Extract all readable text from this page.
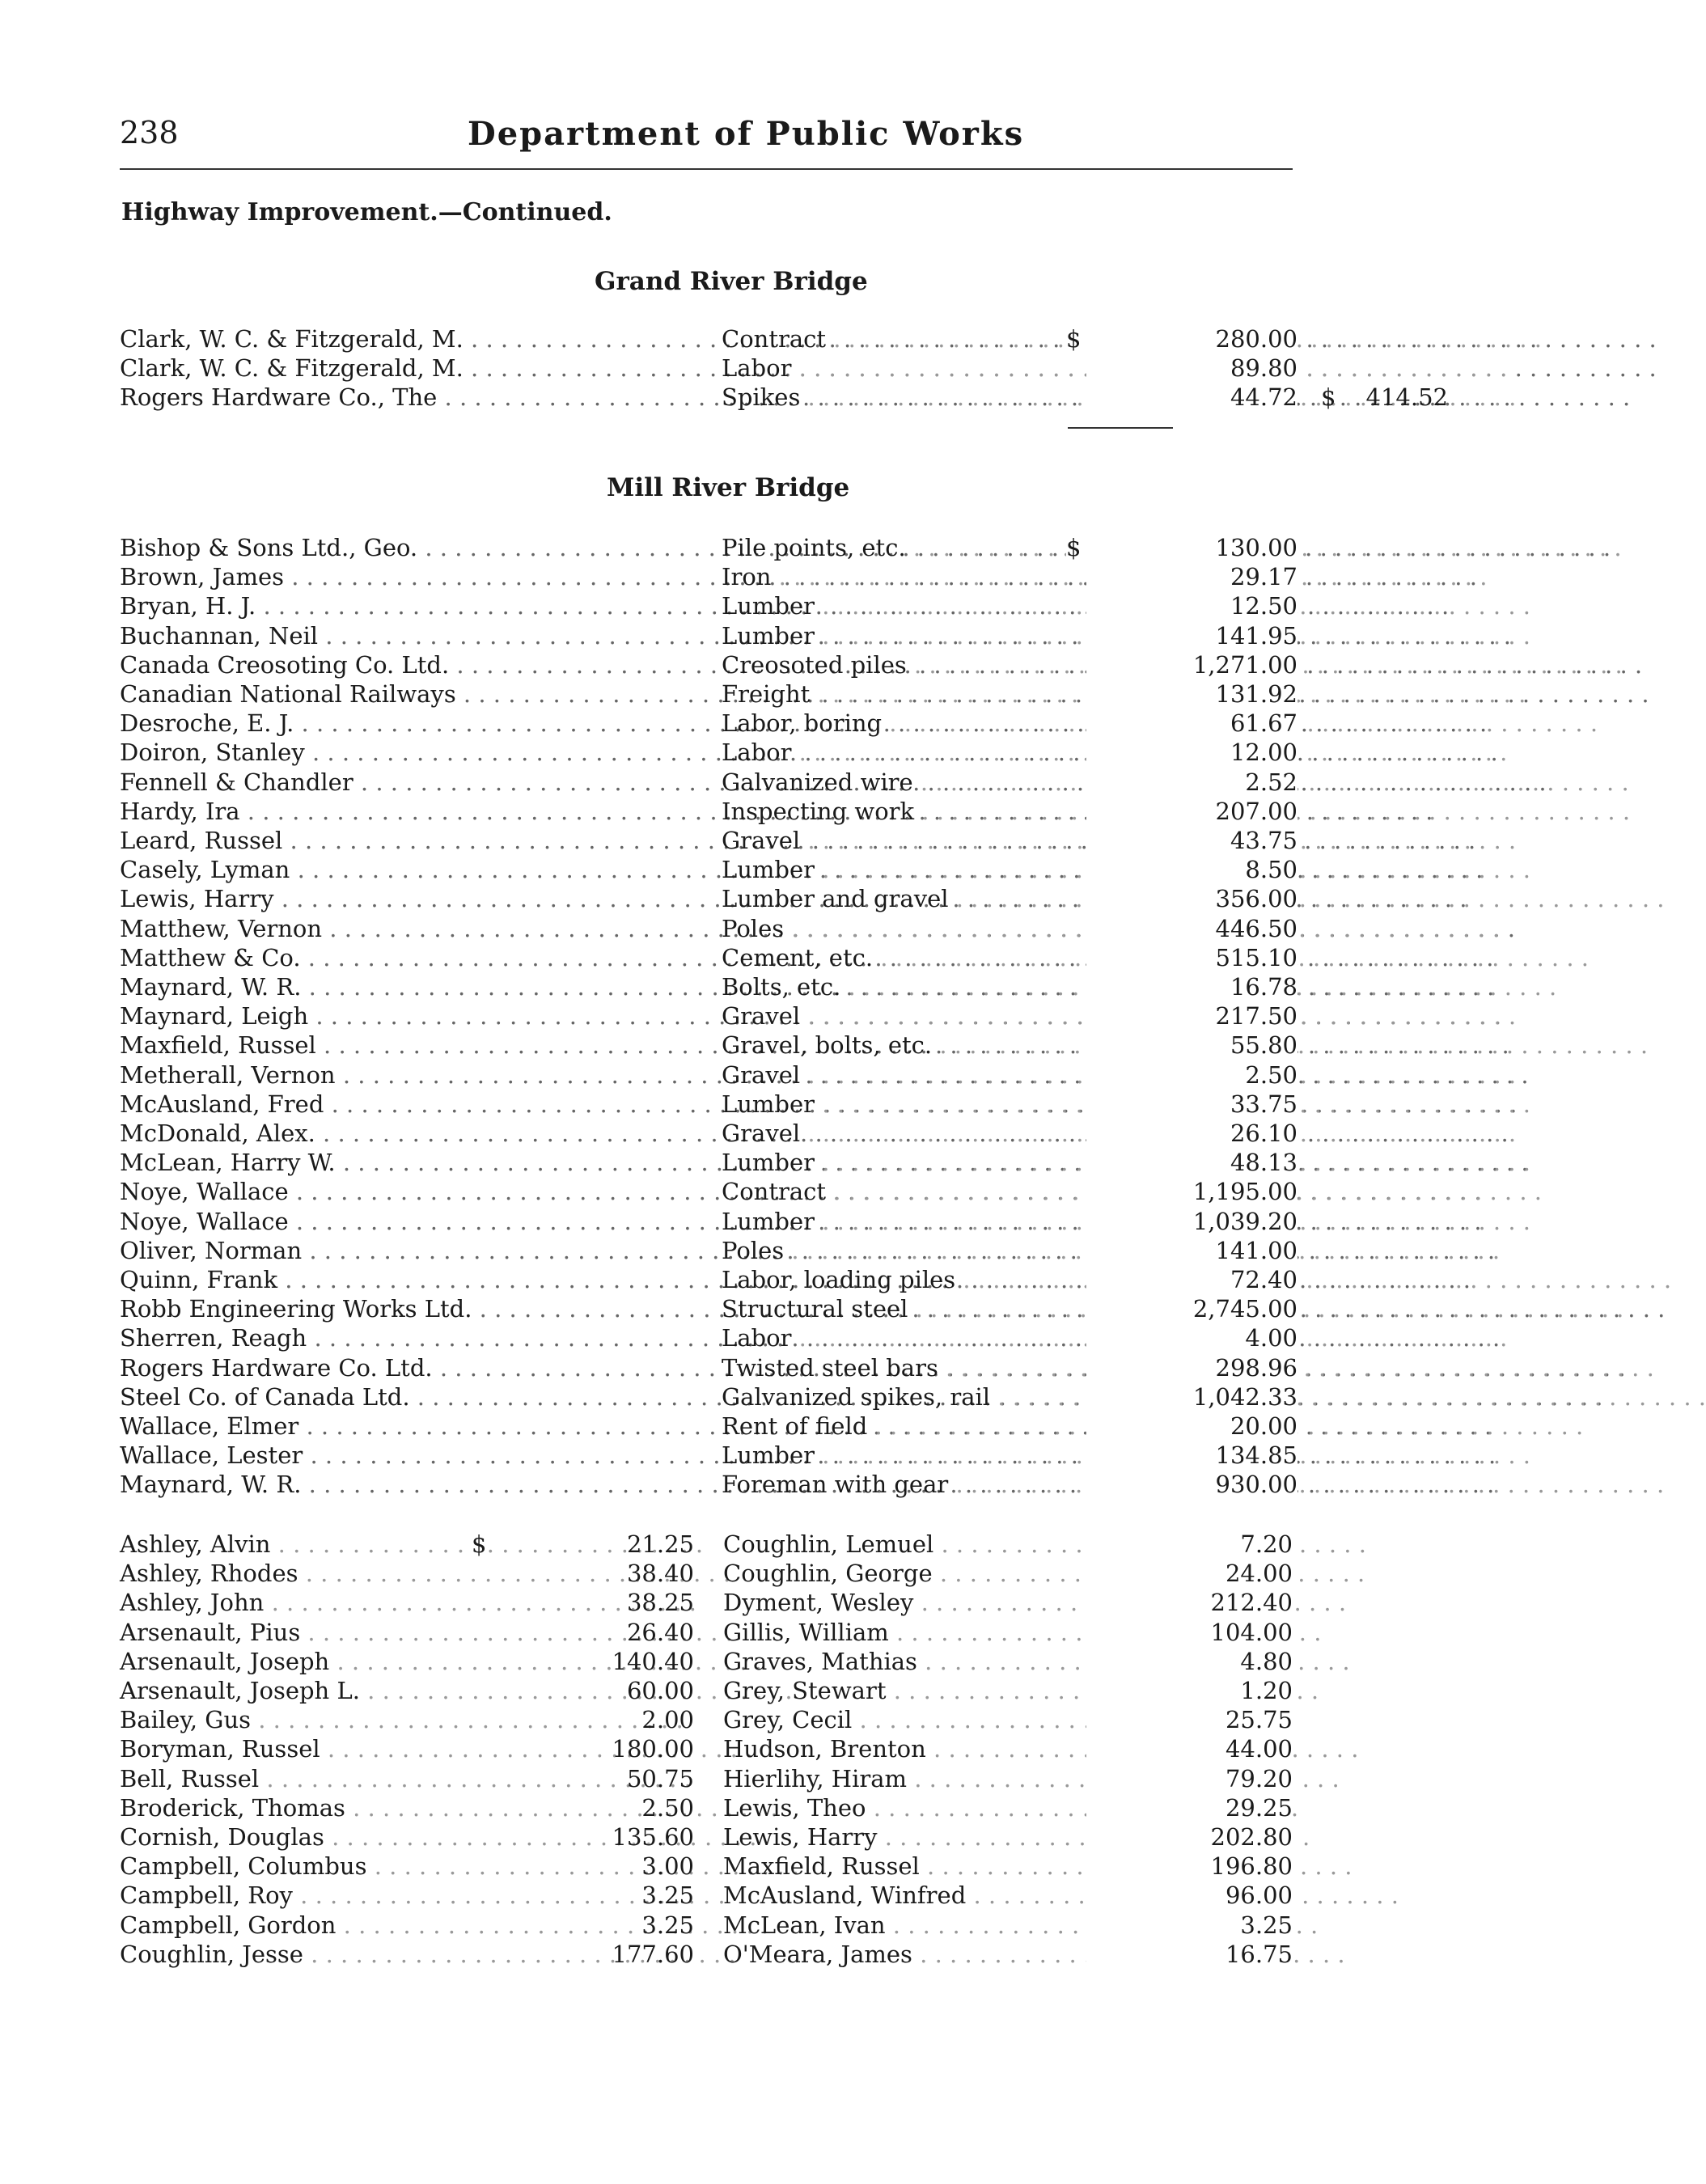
238	Department of Public Works
Highway Improvement.—Continued.
Grand River Bridge
Clark, W. C. & Fitzgerald, M. . . .	Contract . . .	$	280.00
Clark, W. C. & Fitzgerald, M. . . .	Labor . . .	89.80
Rogers Hardware Co., The . . .	Spikes . . .	44.72 $	414.52
Mill River Bridge
Bishop & Sons Ltd., Geo. . . .	Pile points, etc. . . .	$	130.00
Brown, James . . .	Iron . . .	29.17
Bryan, H. J. . . .	Lumber . . .	12.50
Buchannan, Neil . . .	Lumber . . .	141.95
Canada Creosoting Co. Ltd. . . .	Creosoted piles . . .	1,271.00
Canadian National Railways . . .	Freight . . .	131.92
Desroche, E. J. . . .	Labor, boring . . .	61.67
Doiron, Stanley . . .	Labor . . .	12.00
Fennell & Chandler . . .	Galvanized wire . . .	2.52
Hardy, Ira . . .	Inspecting work . . .	207.00
Leard, Russel . . .	Gravel . . .	43.75
Casely, Lyman . . .	Lumber . . .	8.50
Lewis, Harry . . .	Lumber and gravel . . .	356.00
Matthew, Vernon . . .	Poles . . .	446.50
Matthew & Co. . . .	Cement, etc. . . .	515.10
Maynard, W. R. . . .	Bolts, etc. . . .	16.78
Maynard, Leigh . . .	Gravel . . .	217.50
Maxfield, Russel . . .	Gravel, bolts, etc. . . .	55.80
Metherall, Vernon . . .	Gravel . . .	2.50
McAusland, Fred . . .	Lumber . . .	33.75
McDonald, Alex. . . .	Gravel . . .	26.10
McLean, Harry W. . . .	Lumber . . .	48.13
Noye, Wallace . . .	Contract . . .	1,195.00
Noye, Wallace . . .	Lumber . . .	1,039.20
Oliver, Norman . . .	Poles . . .	141.00
Quinn, Frank . . .	Labor, loading piles . . .	72.40
Robb Engineering Works Ltd. . . .	Structural steel . . .	2,745.00
Sherren, Reagh . . .	Labor . . .	4.00
Rogers Hardware Co. Ltd. . . .	Twisted steel bars . . .	298.96
Steel Co. of Canada Ltd. . . .	Galvanized spikes, rail . . .	1,042.33
Wallace, Elmer . . .	Rent of field . . .	20.00
Wallace, Lester . . .	Lumber . . .	134.85
Maynard, W. R. . . .	Foreman with gear . . .	930.00
Ashley, Alvin . . .	$	21.25 Coughlin, Lemuel . . .	7.20
Ashley, Rhodes . . .	38.40 Coughlin, George . . .	24.00
Ashley, John . . .	38.25 Dyment, Wesley . . .	212.40
Arsenault, Pius . . .	26.40 Gillis, William . . .	104.00
Arsenault, Joseph . . .	140.40 Graves, Mathias . . .	4.80
Arsenault, Joseph L. . . .	60.00 Grey, Stewart . . .	1.20
Bailey, Gus . . .	2.00 Grey, Cecil . . .	25.75
Boryman, Russel . . .	180.00 Hudson, Brenton . . .	44.00
Bell, Russel . . .	50.75 Hierlihy, Hiram . . .	79.20
Broderick, Thomas . . .	2.50 Lewis, Theo . . .	29.25
Cornish, Douglas . . .	135.60 Lewis, Harry . . .	202.80
Campbell, Columbus . . .	3.00 Maxfield, Russel . . .	196.80
Campbell, Roy . . .	3.25 McAusland, Winfred . . .	96.00
Campbell, Gordon . . .	3.25 McLean, Ivan . . .	3.25
Coughlin, Jesse . . .	177.60 O'Meara, James . . .	16.75
